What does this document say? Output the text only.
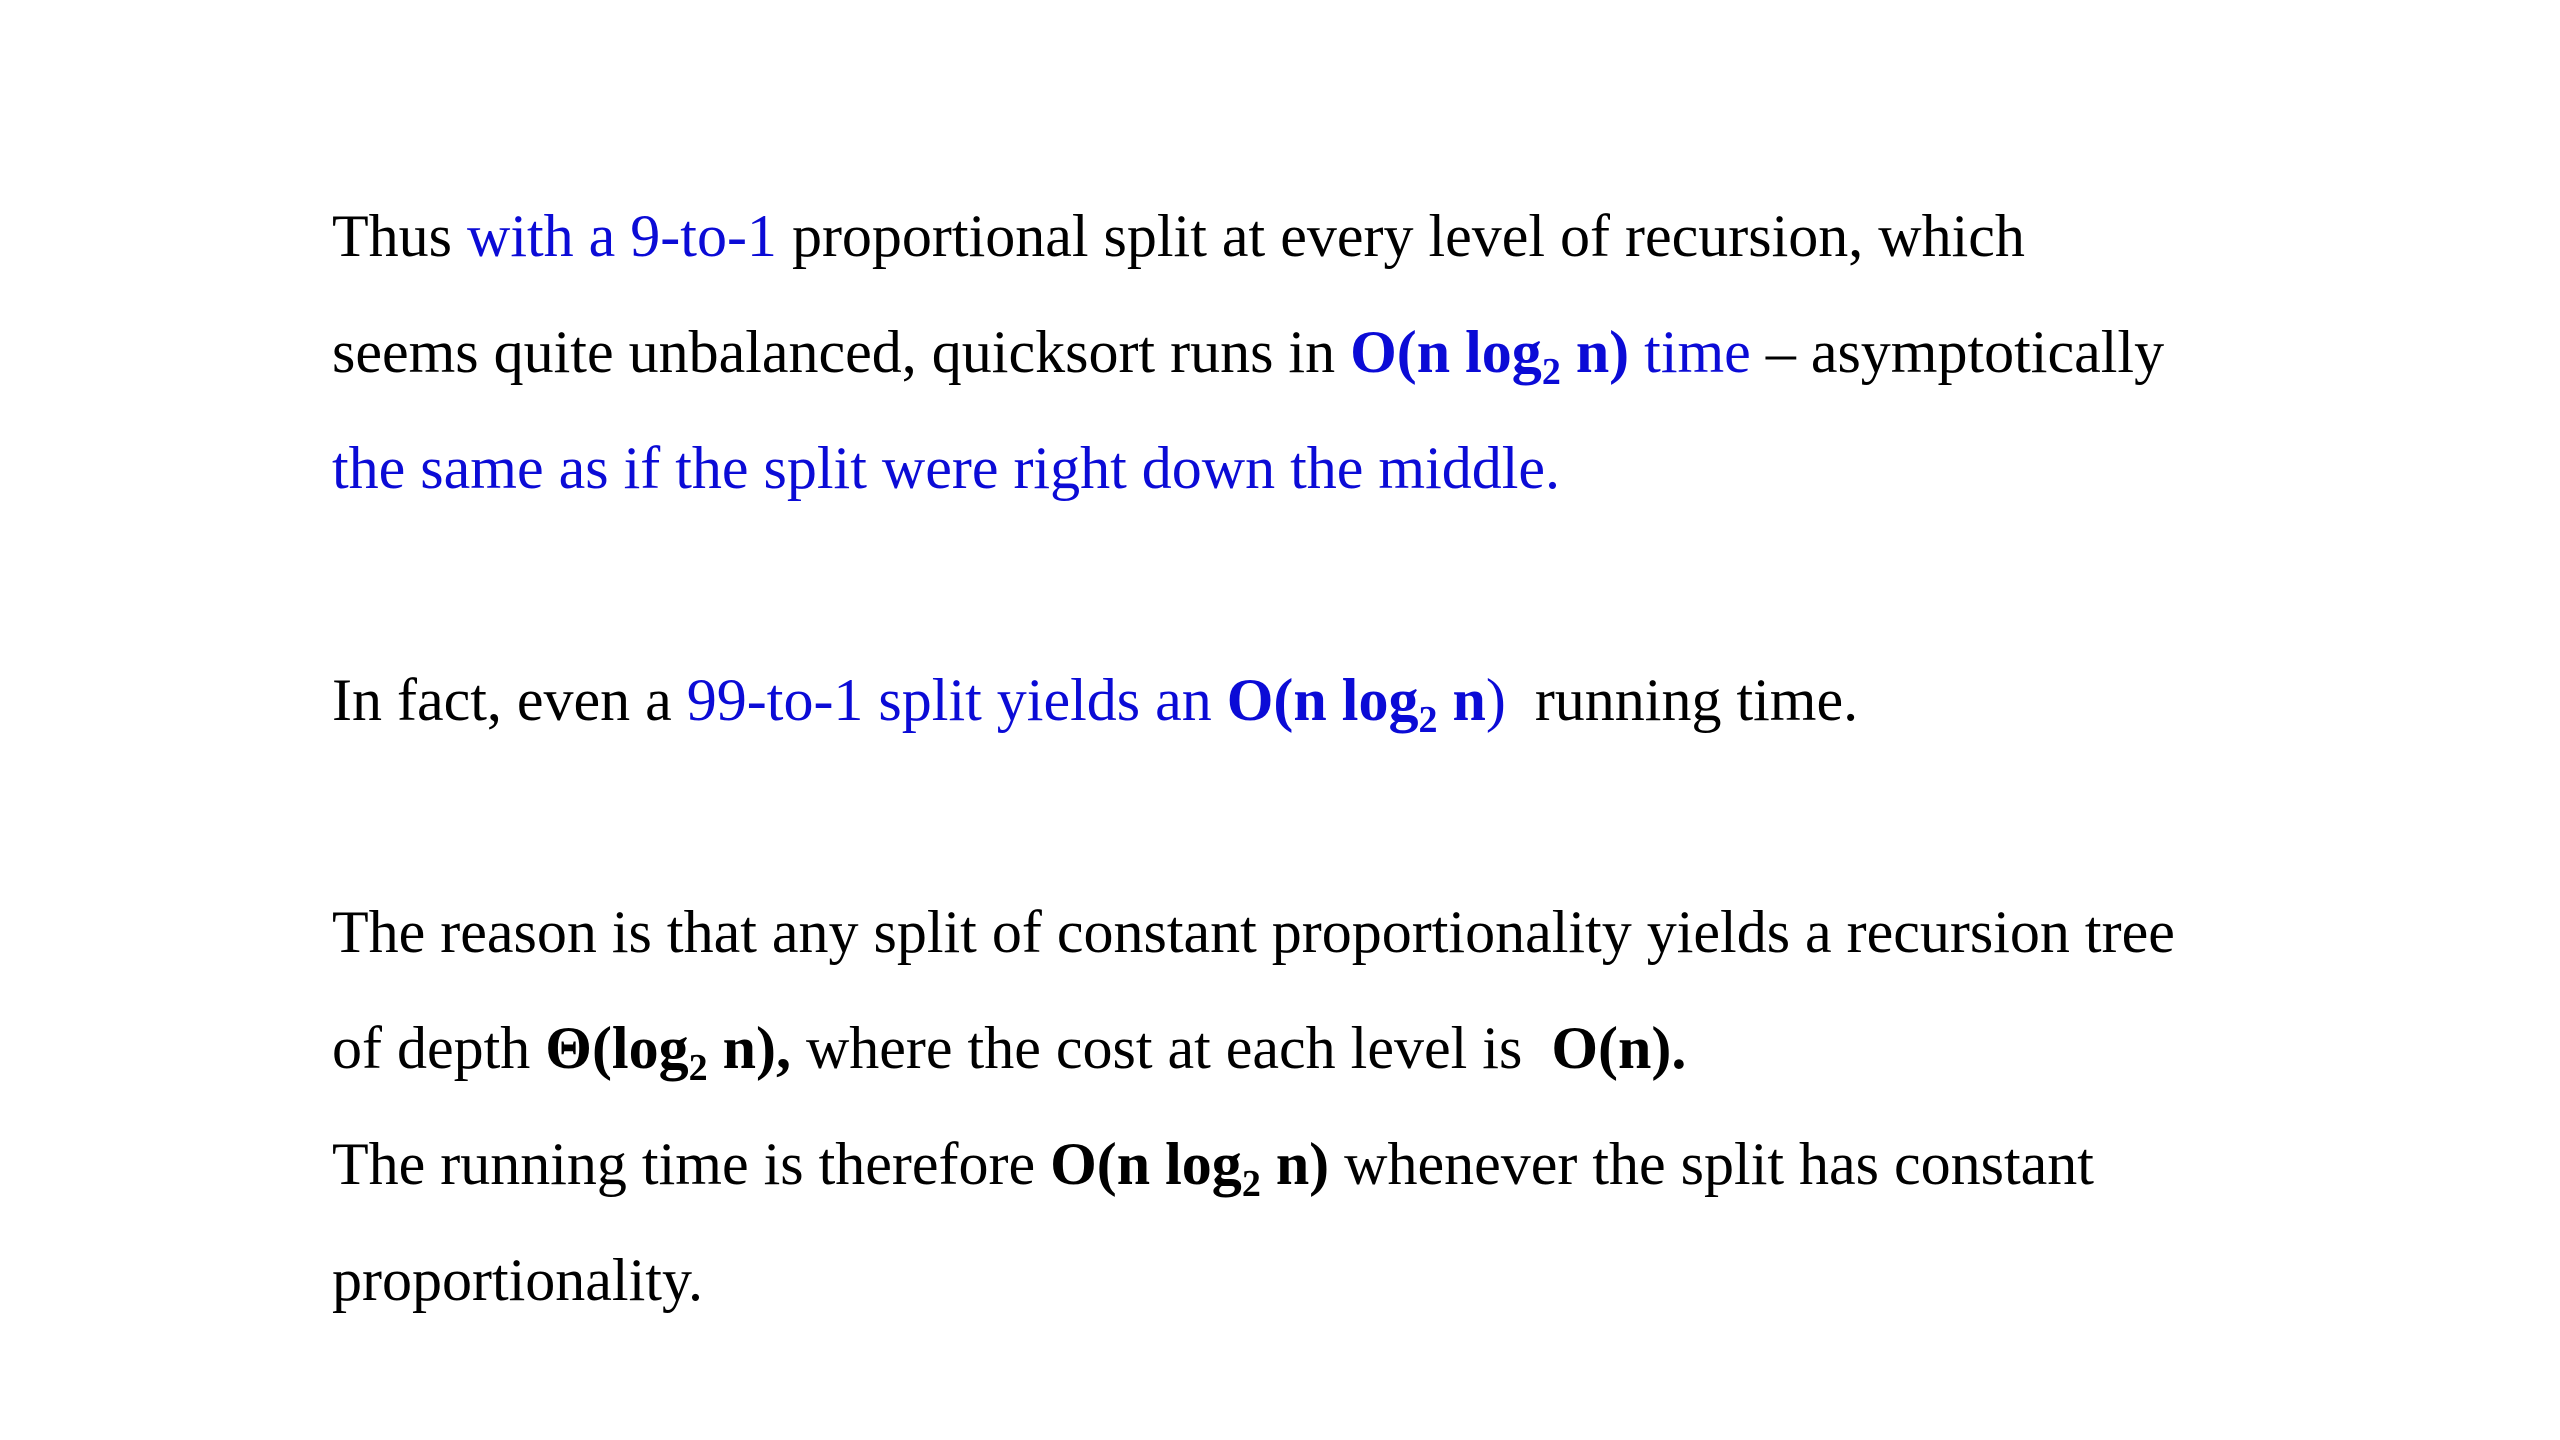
Thus with a 9-to-1 proportional split at every level of recursion, which
seems quite unbalanced, quicksort runs in O(n $\log_2 n$) time – asymptotically
the same as if the split were right down the middle.
In fact, even a 99-to-1 split yields an O(n $\log_2 n$) running time.
The reason is that any split of constant proportionality yields a recursion tree
of depth $\Theta(\log_2$ n), where the cost at each level is O(n).
The running time is therefore O(n $\log_2 n$) whenever the split has constant
proportionality.
